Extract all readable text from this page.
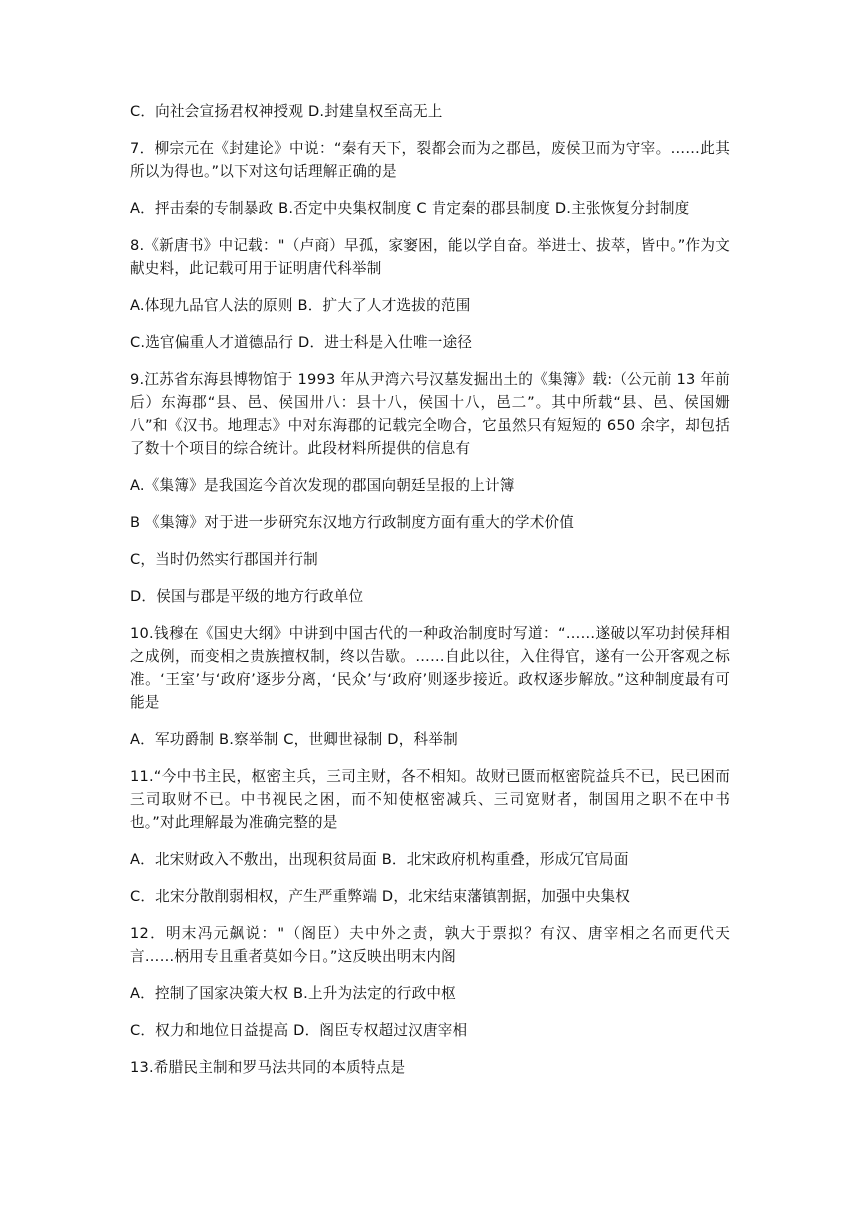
C．向社会宣扬君权神授观 D.封建皇权至高无上

7．柳宗元在《封建论》中说：“秦有天下，裂都会而为之郡邑，废侯卫而为守宰。……此其所以为得也。”以下对这句话理解正确的是

A．抨击秦的专制暴政 B.否定中央集权制度 C 肯定秦的郡县制度 D.主张恢复分封制度

8.《新唐书》中记载："（卢商）早孤，家窭困，能以学自奋。举进士、拔萃，皆中。”作为文献史料，此记载可用于证明唐代科举制

A.体现九品官人法的原则 B．扩大了人才选拔的范围

C.选官偏重人才道德品行 D．进士科是入仕唯一途径

9.江苏省东海县博物馆于 1993 年从尹湾六号汉墓发掘出土的《集簿》载:（公元前 13 年前后）东海郡“县、邑、侯国卅八：县十八，侯国十八，邑二”。其中所载“县、邑、侯国姗八”和《汉书。地理志》中对东海郡的记载完全吻合，它虽然只有短短的 650 余字，却包括了数十个项目的综合统计。此段材料所提供的信息有

A.《集簿》是我国迄今首次发现的郡国向朝廷呈报的上计簿

B 《集簿》对于进一步研究东汉地方行政制度方面有重大的学术价值

C，当时仍然实行郡国并行制

D．侯国与郡是平级的地方行政单位

10.钱穆在《国史大纲》中讲到中国古代的一种政治制度时写道：“……遂破以军功封侯拜相之成例，而变相之贵族擅权制，终以告歇。……自此以往，入住得官，遂有一公开客观之标准。‘王室’与‘政府’逐步分离，‘民众’与‘政府’则逐步接近。政权逐步解放。”这种制度最有可能是

A．军功爵制 B.察举制 C，世卿世禄制 D，科举制

11.“今中书主民，枢密主兵，三司主财，各不相知。故财已匮而枢密院益兵不已，民已困而三司取财不已。中书视民之困，而不知使枢密减兵、三司宽财者，制国用之职不在中书也。”对此理解最为准确完整的是

A．北宋财政入不敷出，出现积贫局面 B．北宋政府机构重叠，形成冗官局面

C．北宋分散削弱相权，产生严重弊端 D，北宋结束藩镇割据，加强中央集权

12．明末冯元飙说："（阁臣）夫中外之责，孰大于票拟？有汉、唐宰相之名而更代天言……柄用专且重者莫如今日。”这反映出明末内阁

A．控制了国家决策大权 B.上升为法定的行政中枢

C．权力和地位日益提高 D．阁臣专权超过汉唐宰相

13.希腊民主制和罗马法共同的本质特点是
